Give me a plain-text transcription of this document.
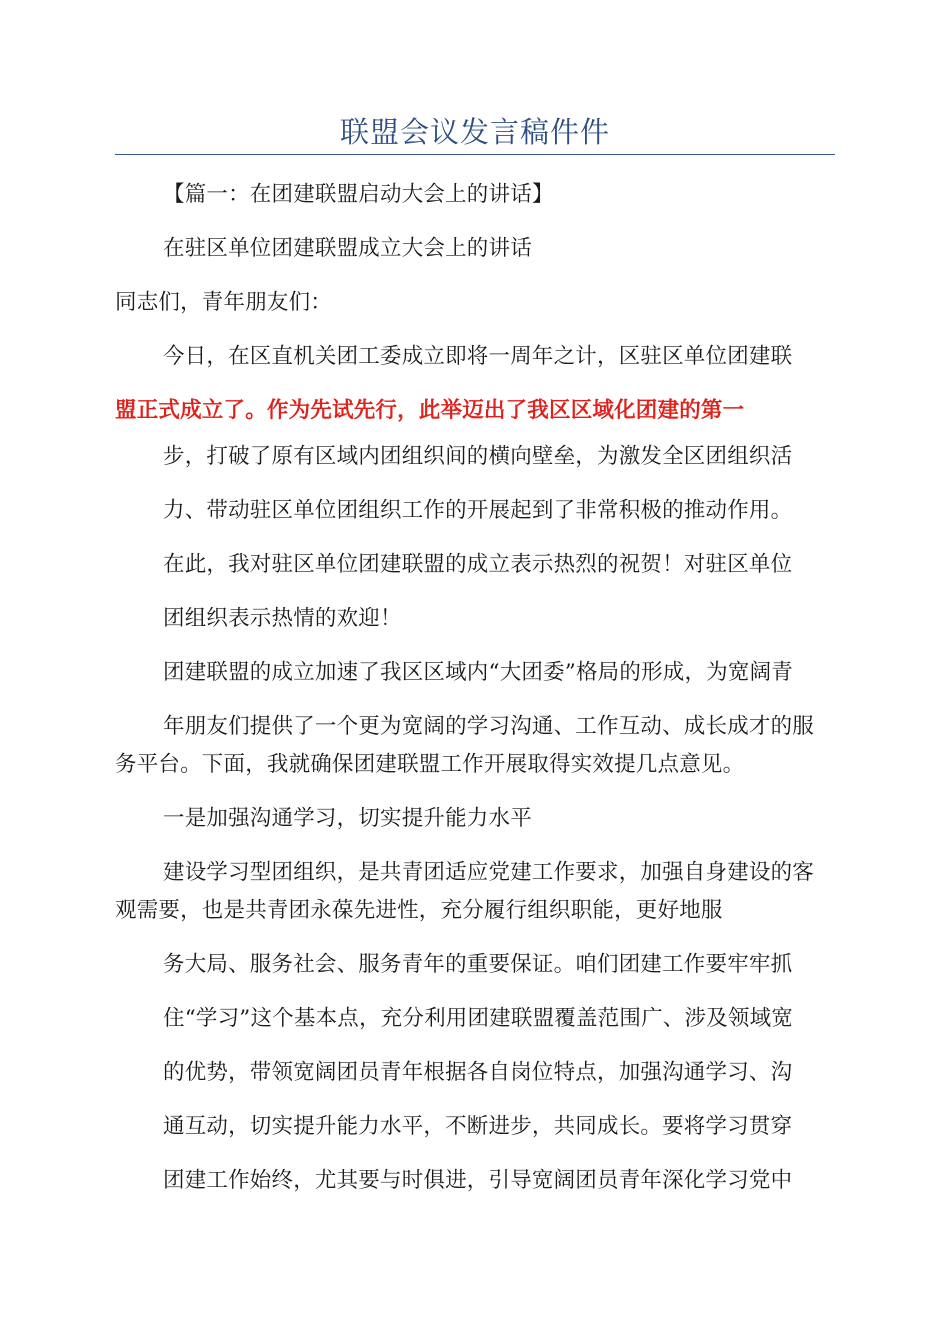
联盟会议发言稿件件
【篇一：在团建联盟启动大会上的讲话】
在驻区单位团建联盟成立大会上的讲话
同志们，青年朋友们：
今日，在区直机关团工委成立即将一周年之计，区驻区单位团建联
盟正式成立了。作为先试先行，此举迈出了我区区域化团建的第一
步，打破了原有区域内团组织间的横向壁垒，为激发全区团组织活
力、带动驻区单位团组织工作的开展起到了非常积极的推动作用。
在此，我对驻区单位团建联盟的成立表示热烈的祝贺！对驻区单位
团组织表示热情的欢迎！
团建联盟的成立加速了我区区域内“大团委”格局的形成，为宽阔青
年朋友们提供了一个更为宽阔的学习沟通、工作互动、成长成才的服
务平台。下面，我就确保团建联盟工作开展取得实效提几点意见。
一是加强沟通学习，切实提升能力水平
建设学习型团组织，是共青团适应党建工作要求，加强自身建设的客
观需要，也是共青团永葆先进性，充分履行组织职能，更好地服
务大局、服务社会、服务青年的重要保证。咱们团建工作要牢牢抓
住“学习”这个基本点，充分利用团建联盟覆盖范围广、涉及领域宽
的优势，带领宽阔团员青年根据各自岗位特点，加强沟通学习、沟
通互动，切实提升能力水平，不断进步，共同成长。要将学习贯穿
团建工作始终，尤其要与时俱进，引导宽阔团员青年深化学习党中
